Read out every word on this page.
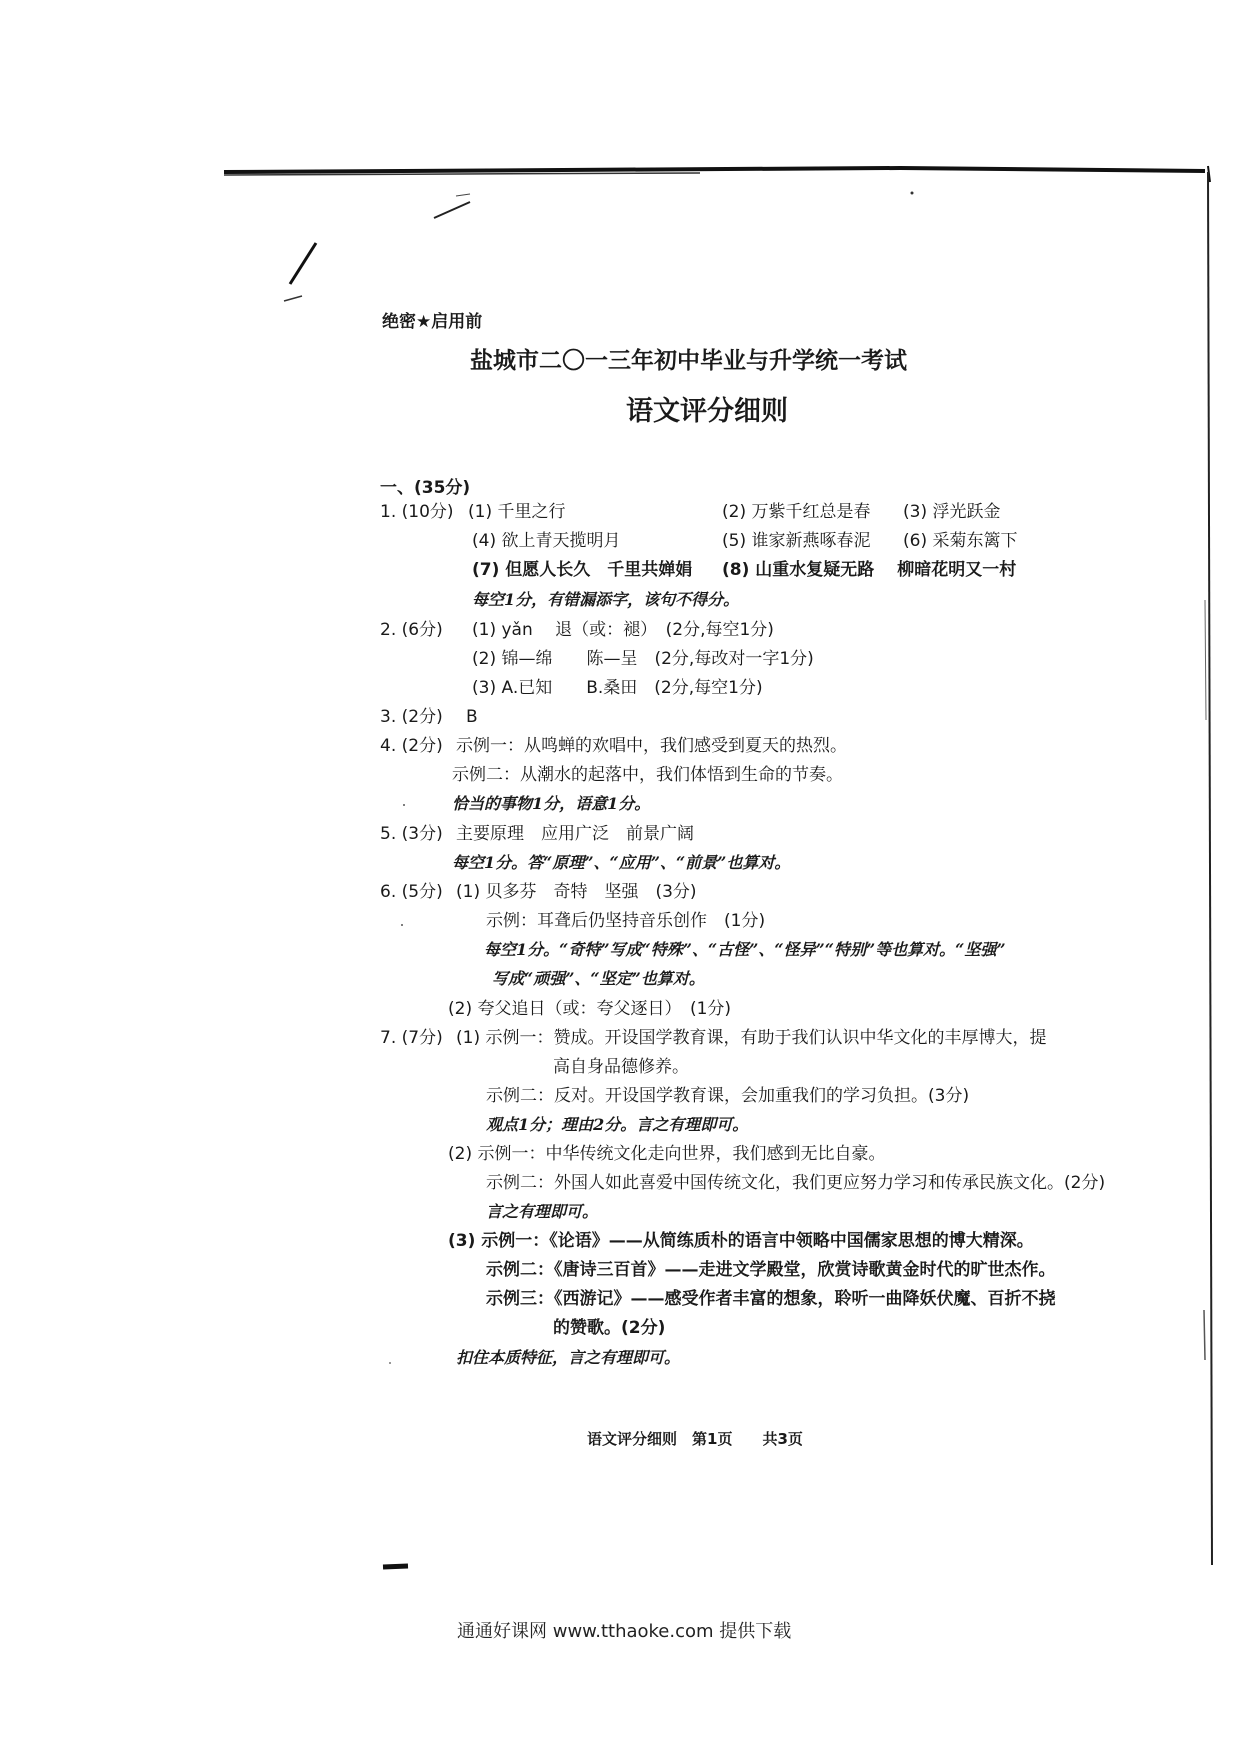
绝密★启用前
盐城市二〇一三年初中毕业与升学统一考试
语文评分细则
一、(35分)
1. (10分) (1) 千里之行	(2) 万紫千红总是春 (3) 浮光跃金
(4) 欲上青天揽明月	(5) 谁家新燕啄春泥 (6) 采菊东篱下
(7) 但愿人长久　千里共婵娟 (8) 山重水复疑无路　 柳暗花明又一村
每空1分，有错漏添字，该句不得分。
2. (6分) (1) yǎn　 退（或：褪）　(2分,每空1分)
(2) 锦—绵　　陈—呈　(2分,每改对一字1分)
(3) A.已知　　B.桑田　(2分,每空1分)
3. (2分) B
4. (2分) 示例一：从鸣蝉的欢唱中，我们感受到夏天的热烈。
示例二：从潮水的起落中，我们体悟到生命的节奏。
恰当的事物1分，语意1分。
5. (3分) 主要原理　应用广泛　前景广阔
每空1分。答“原理”、“应用”、“前景”也算对。
6. (5分) (1) 贝多芬　奇特　坚强　(3分)
示例：耳聋后仍坚持音乐创作　(1分)
每空1分。“奇特”写成“特殊”、“古怪”、“怪异”“特别”等也算对。“坚强”
写成“顽强”、“坚定”也算对。
(2) 夸父追日（或：夸父逐日）　(1分)
7. (7分) (1) 示例一：赞成。开设国学教育课，有助于我们认识中华文化的丰厚博大，提
高自身品德修养。
示例二：反对。开设国学教育课，会加重我们的学习负担。(3分)
观点1分；理由2分。言之有理即可。
(2) 示例一：中华传统文化走向世界，我们感到无比自豪。
示例二：外国人如此喜爱中国传统文化，我们更应努力学习和传承民族文化。(2分)
言之有理即可。
(3) 示例一：《论语》——从简练质朴的语言中领略中国儒家思想的博大精深。
示例二：《唐诗三百首》——走进文学殿堂，欣赏诗歌黄金时代的旷世杰作。
示例三：《西游记》——感受作者丰富的想象，聆听一曲降妖伏魔、百折不挠
的赞歌。(2分)
扣住本质特征，言之有理即可。
语文评分细则　第1页　　共3页
通通好课网 www.tthaoke.com 提供下载
